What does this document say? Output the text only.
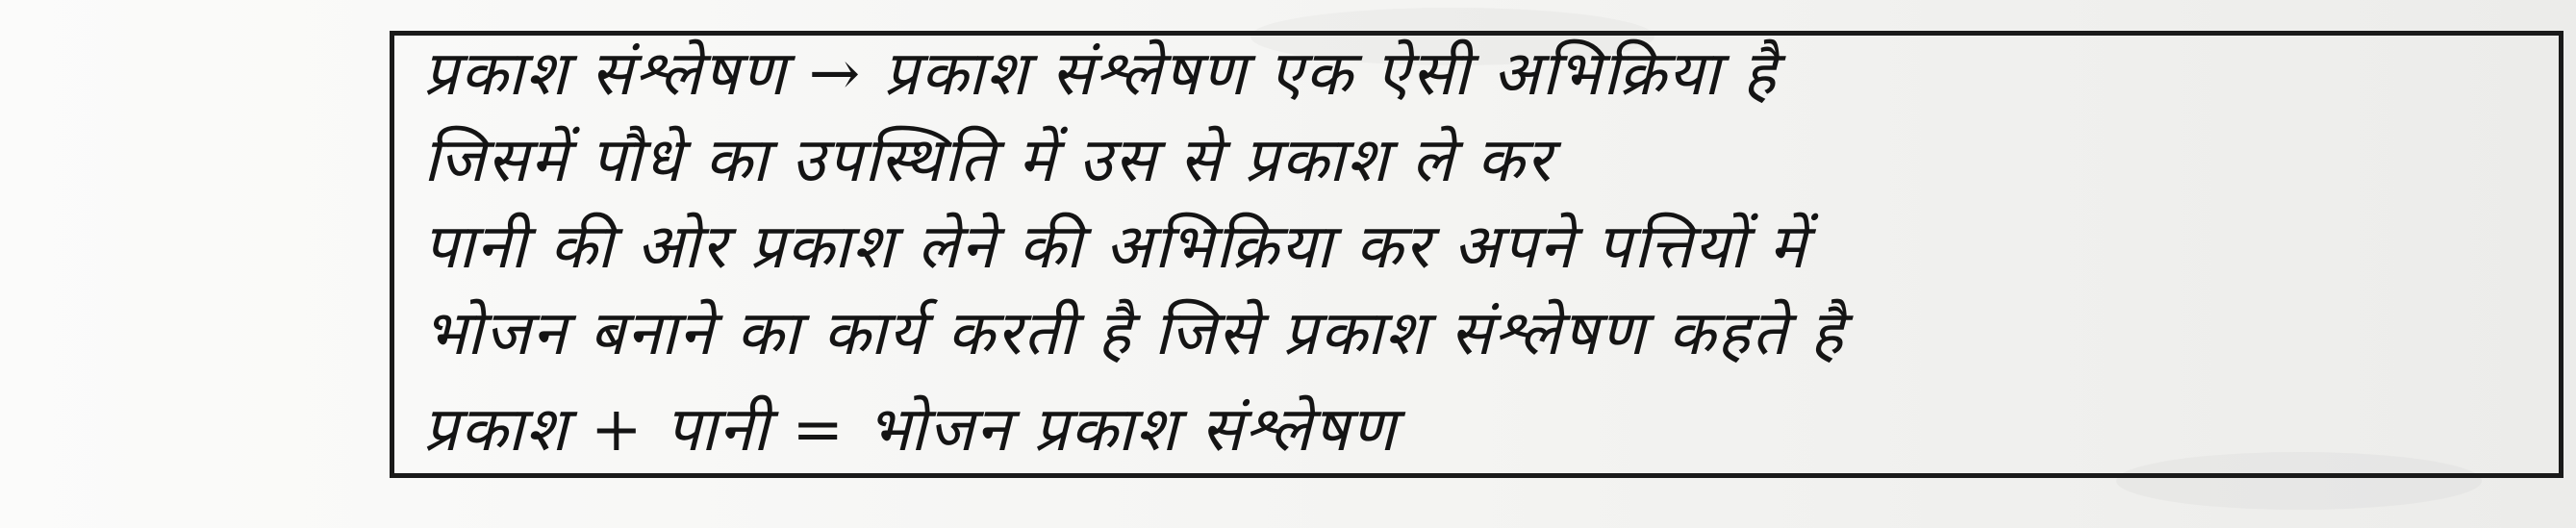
प्रकाश संश्लेषण → प्रकाश संश्लेषण एक ऐसी अभिक्रिया है
जिसमें पौधे का उपस्थिति में उस से प्रकाश ले कर
पानी की ओर प्रकाश लेने की अभिक्रिया कर अपने पत्तियों में
भोजन बनाने का कार्य करती है जिसे प्रकाश संश्लेषण कहते है
प्रकाश + पानी = भोजन प्रकाश संश्लेषण
